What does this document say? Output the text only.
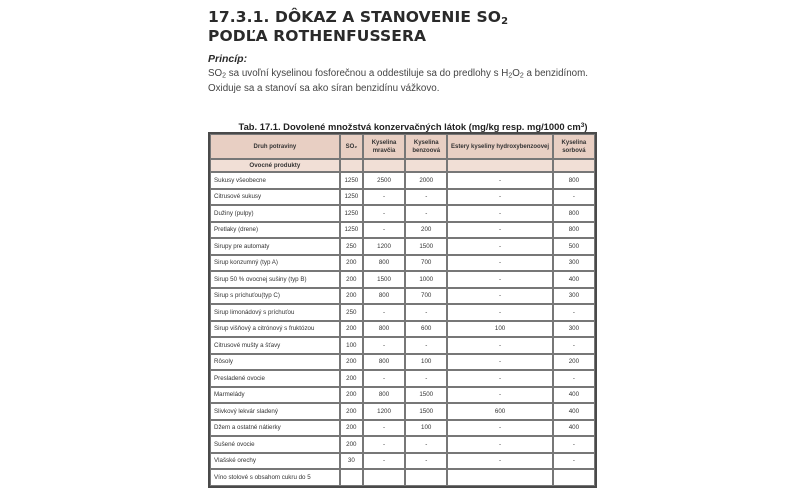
17.3.1. DÔKAZ A STANOVENIE $SO_2$ PODĽA ROTHENFUSSERA
Princíp:
$SO_2$ sa uvoľní kyselinou fosforečnou a oddestiluje sa do predlohy s $H_2O_2$ a benzidínom. Oxiduje sa a stanoví sa ako síran benzidínu vážkovo.
Tab. 17.1. Dovolené množstvá konzervačných látok (mg/kg resp. mg/1000 $cm^3$)
Druh potraviny	SO₂	Kyselina mravčia	Kyselina benzoová	Estery kyseliny hydroxybenzoovej	Kyselina sorbová
Ovocné produkty					
Sukusy všeobecne	1250	2500	2000	-	800
Citrusové sukusy	1250	-	-	-	-
Dužiny (pulpy)	1250	-	-	-	800
Pretlaky (drene)	1250	-	200	-	800
Sirupy pre automaty	250	1200	1500	-	500
Sirup konzumný (typ A)	200	800	700	-	300
Sirup 50 % ovocnej sušiny (typ B)	200	1500	1000	-	400
Sirup s príchuťou(typ C)	200	800	700	-	300
Sirup limonádový s príchuťou	250	-	-	-	-
Sirup višňový a citrónový s fruktózou	200	800	600	100	300
Citrusové mušty a šťavy	100	-	-	-	-
Rôsoly	200	800	100	-	200
Presladené ovocie	200	-	-	-	-
Marmelády	200	800	1500	-	400
Slivkový lekvár sladený	200	1200	1500	600	400
Džem a ostatné nátierky	200	-	100	-	400
Sušené ovocie	200	-	-	-	-
Vlašské orechy	30	-	-	-	-
Víno stolové s obsahom cukru do 5					
